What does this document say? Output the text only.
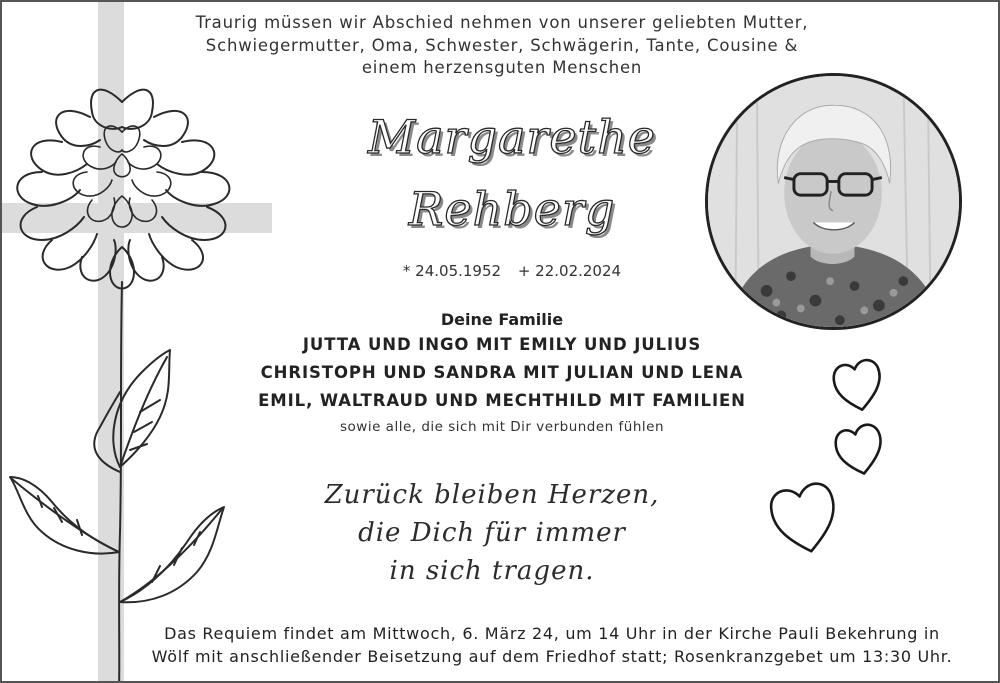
Traurig müssen wir Abschied nehmen von unserer geliebten Mutter,
Schwiegermutter, Oma, Schwester, Schwägerin, Tante, Cousine &
einem herzensguten Menschen
Margarethe
Rehberg
* 24.05.1952 + 22.02.2024
Deine Familie
JUTTA UND INGO MIT EMILY UND JULIUS
CHRISTOPH UND SANDRA MIT JULIAN UND LENA
EMIL, WALTRAUD UND MECHTHILD MIT FAMILIEN
sowie alle, die sich mit Dir verbunden fühlen
Zurück bleiben Herzen,
die Dich für immer
in sich tragen.
Das Requiem findet am Mittwoch, 6. März 24, um 14 Uhr in der Kirche Pauli Bekehrung in
Wölf mit anschließender Beisetzung auf dem Friedhof statt; Rosenkranzgebet um 13:30 Uhr.
